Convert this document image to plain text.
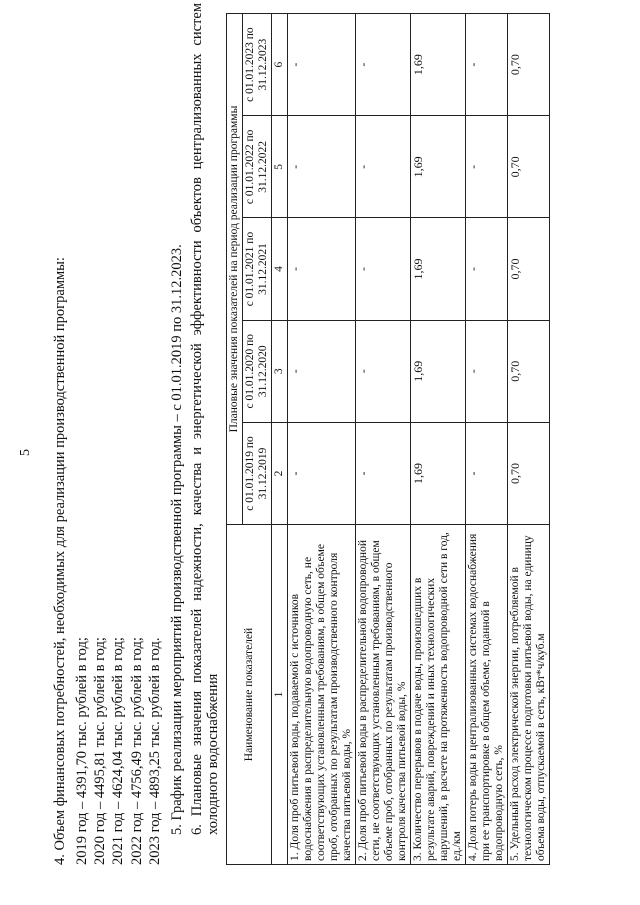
5 4. Объем финансовых потребностей, необходимых для реализации производственной программы: 2019 год – 4391,70 тыс. рублей в год; 2020 год – 4495,81 тыс. рублей в год; 2021 год – 4624,04 тыс. рублей в год; 2022 год – 4756,49 тыс. рублей в год; 2023 год – 4893,25 тыс. рублей в год. 5. График реализации мероприятий производственной программы – с 01.01.2019 по 31.12.2023. 6. Плановые значения показателей надежности, качества и энергетической эффективности объектов централизованных систем холодного водоснабжения Наименование показателей	Плановые значения показателей на период реализации программы				
	с 01.01.2019 по 31.12.2019	с 01.01.2020 по 31.12.2020	с 01.01.2021 по 31.12.2021	с 01.01.2022 по 31.12.2022	с 01.01.2023 по 31.12.2023
1	2	3	4	5	6
1. Доля проб питьевой воды, подаваемой с источников водоснабжения в распределительную водопроводную сеть, не соответствующих установленным требованиям, в общем объеме проб, отобранных по результатам производственного контроля качества питьевой воды, %	-	-	-	-	-
2. Доля проб питьевой воды в распределительной водопроводной сети, не соответствующих установленным требованиям, в общем объеме проб, отобранных по результатам производственного контроля качества питьевой воды, %	-	-	-	-	-
3. Количество перерывов в подаче воды, произошедших в результате аварий, повреждений и иных технологических нарушений, в расчете на протяженность водопроводной сети в год, ед./км	1,69	1,69	1,69	1,69	1,69
4. Доля потерь воды в централизованных системах водоснабжения при ее транспортировке в общем объеме, поданной в водопроводную сеть, %	-	-	-	-	-
5. Удельный расход электрической энергии, потребляемой в технологическом процессе подготовки питьевой воды, на единицу объема воды, отпускаемой в сеть, кВт*ч/куб.м	0,70	0,70	0,70	0,70	0,70
